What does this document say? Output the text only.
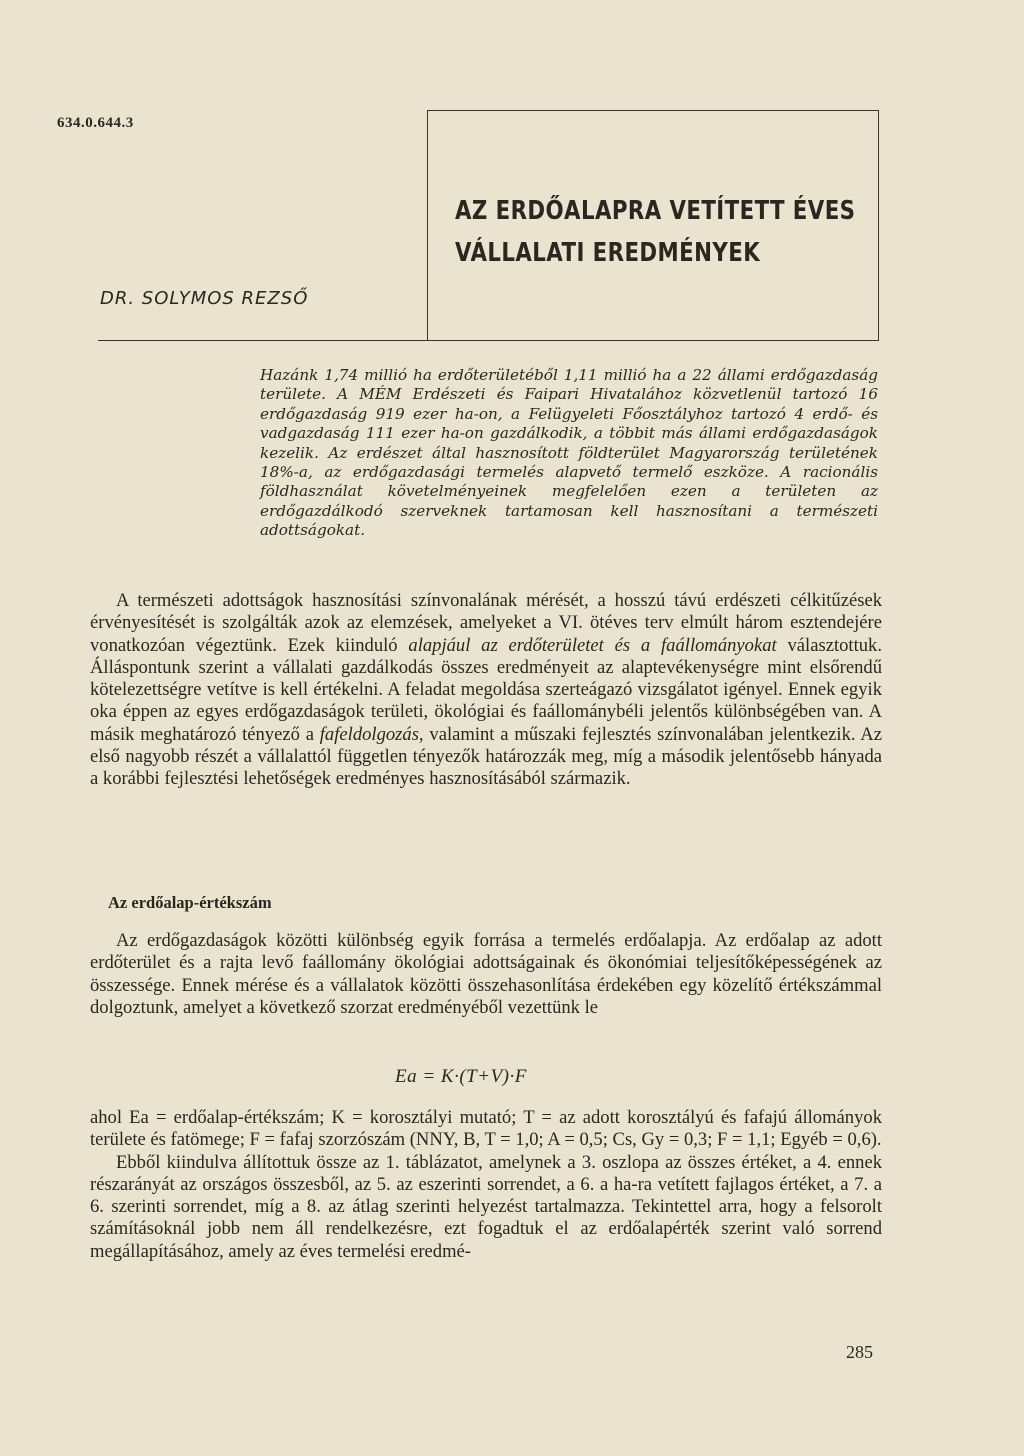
634.0.644.3
AZ ERDŐALAPRA VETÍTETT ÉVES
VÁLLALATI EREDMÉNYEK
DR. SOLYMOS REZSŐ

Hazánk 1,74 millió ha erdőterületéből 1,11 millió ha a 22 állami erdőgazdaság területe. A MÉM Erdészeti és Faipari Hivatalához közvetlenül tartozó 16 erdőgazdaság 919 ezer ha-on, a Felügyeleti Főosztályhoz tartozó 4 erdő- és vadgazdaság 111 ezer ha-on gazdálkodik, a többit más állami erdőgazdaságok kezelik. Az erdészet által hasznosított földterület Magyarország területének 18%-a, az erdőgazdasági termelés alapvető termelő eszköze. A racionális földhasználat követelményeinek megfelelően ezen a területen az erdőgazdálkodó szerveknek tartamosan kell hasznosítani a természeti adottságokat.

A természeti adottságok hasznosítási színvonalának mérését, a hosszú távú erdészeti célkitűzések érvényesítését is szolgálták azok az elemzések, amelyeket a VI. ötéves terv elmúlt három esztendejére vonatkozóan végeztünk. Ezek kiinduló alapjául az erdőterületet és a faállományokat választottuk. Álláspontunk szerint a vállalati gazdálkodás összes eredményeit az alaptevékenységre mint elsőrendű kötelezettségre vetítve is kell értékelni. A feladat megoldása szerteágazó vizsgálatot igényel. Ennek egyik oka éppen az egyes erdőgazdaságok területi, ökológiai és faállománybéli jelentős különbségében van. A másik meghatározó tényező a fafeldolgozás, valamint a műszaki fejlesztés színvonalában jelentkezik. Az első nagyobb részét a vállalattól független tényezők határozzák meg, míg a második jelentősebb hányada a korábbi fejlesztési lehetőségek eredményes hasznosításából származik.

Az erdőalap-értékszám

Az erdőgazdaságok közötti különbség egyik forrása a termelés erdőalapja. Az erdőalap az adott erdőterület és a rajta levő faállomány ökológiai adottságainak és ökonómiai teljesítőképességének az összessége. Ennek mérése és a vállalatok közötti összehasonlítása érdekében egy közelítő értékszámmal dolgoztunk, amelyet a következő szorzat eredményéből vezettünk le

Ea = K·(T+V)·F

ahol Ea = erdőalap-értékszám; K = korosztályi mutató; T = az adott korosztályú és fafajú állományok területe és fatömege; F = fafaj szorzószám (NNY, B, T = 1,0; A = 0,5; Cs, Gy = 0,3; F = 1,1; Egyéb = 0,6).

Ebből kiindulva állítottuk össze az 1. táblázatot, amelynek a 3. oszlopa az összes értéket, a 4. ennek részarányát az országos összesből, az 5. az eszerinti sorrendet, a 6. a ha-ra vetített fajlagos értéket, a 7. a 6. szerinti sorrendet, míg a 8. az átlag szerinti helyezést tartalmazza. Tekintettel arra, hogy a felsorolt számításoknál jobb nem áll rendelkezésre, ezt fogadtuk el az erdőalapérték szerint való sorrend megállapításához, amely az éves termelési eredmé-

285
